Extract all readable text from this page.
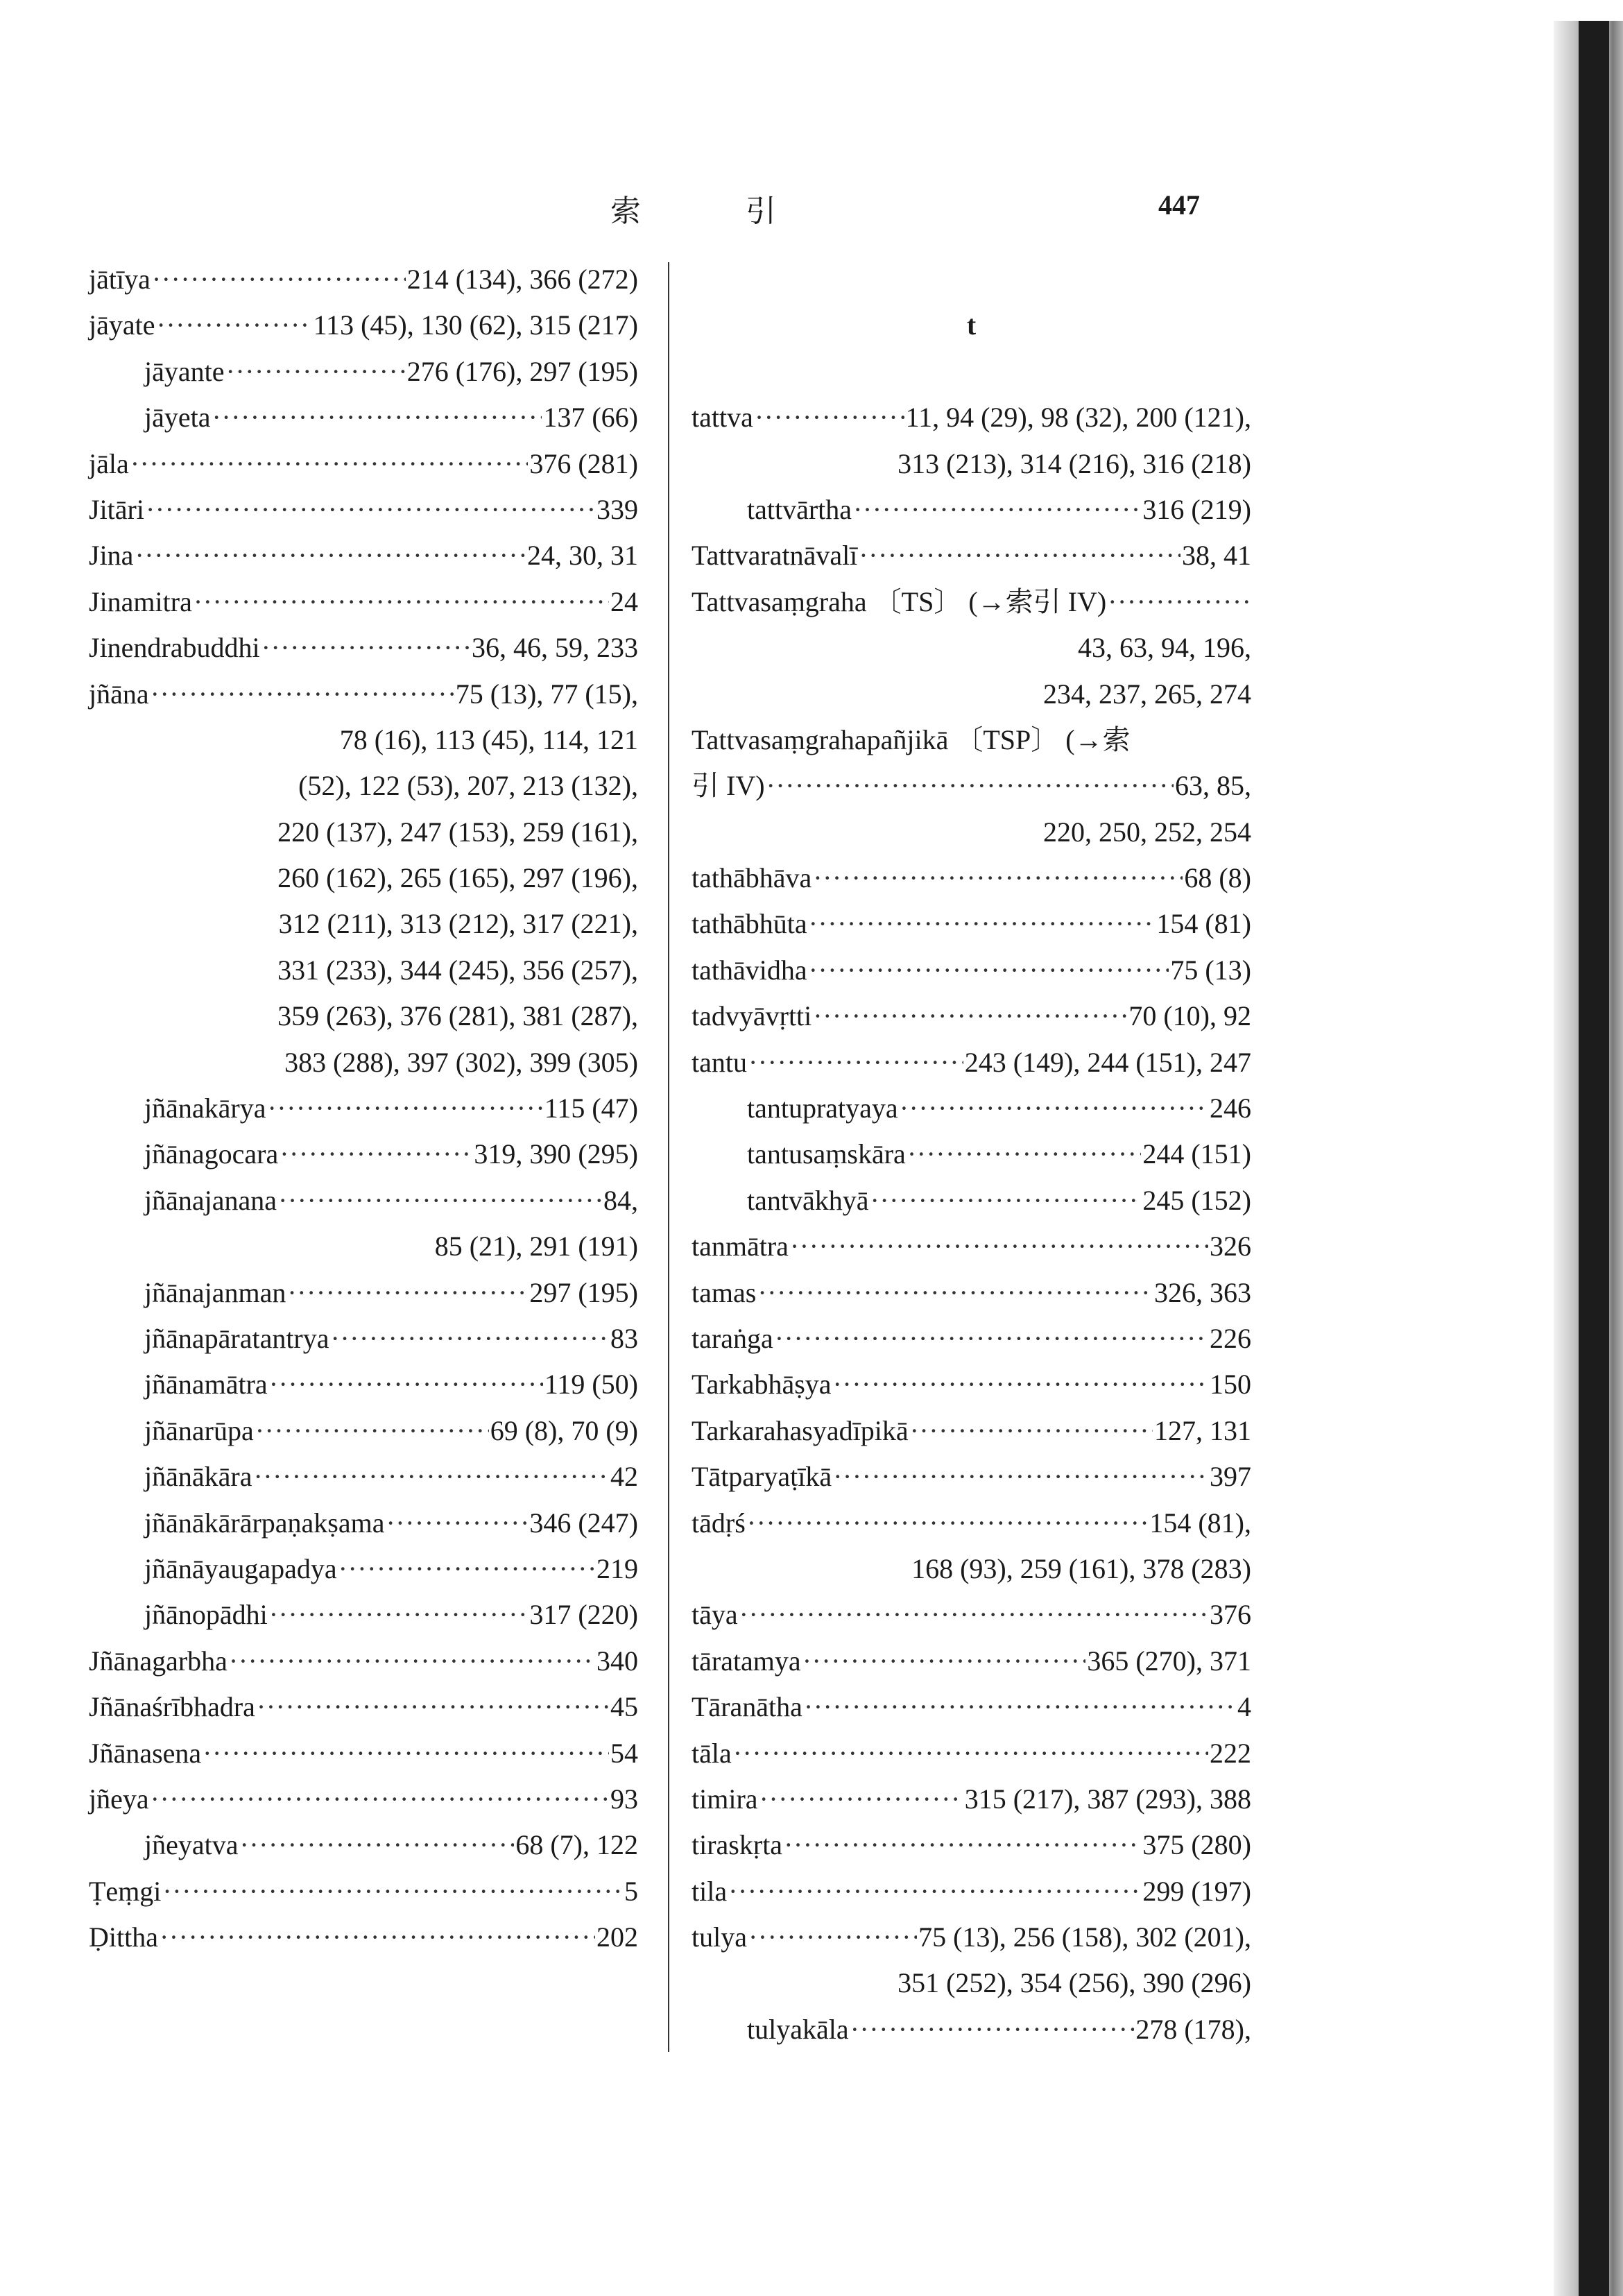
索 引	447
jātīya ·····	214 (134), 366 (272)
jāyate ·····	113 (45), 130 (62), 315 (217)
jāyante ·····	276 (176), 297 (195)
jāyeta ·····	137 (66)
jāla ·····	376 (281)
Jitāri ·····	339
Jina ·····	24, 30, 31
Jinamitra ·····	24
Jinendrabuddhi ·····	36, 46, 59, 233
jñāna ·····	75 (13), 77 (15),
78 (16), 113 (45), 114, 121
(52), 122 (53), 207, 213 (132),
220 (137), 247 (153), 259 (161),
260 (162), 265 (165), 297 (196),
312 (211), 313 (212), 317 (221),
331 (233), 344 (245), 356 (257),
359 (263), 376 (281), 381 (287),
383 (288), 397 (302), 399 (305)
jñānakārya ·····	115 (47)
jñānagocara ·····	319, 390 (295)
jñānajanana ·····	84,
85 (21), 291 (191)
jñānajanman ·····	297 (195)
jñānapāratantrya ·····	83
jñānamātra ·····	119 (50)
jñānarūpa ·····	69 (8), 70 (9)
jñānākāra ·····	42
jñānākārārpaṇakṣama ·····	346 (247)
jñānāyaugapadya ·····	219
jñānopādhi ·····	317 (220)
Jñānagarbha ·····	340
Jñānaśrībhadra ·····	45
Jñānasena ·····	54
jñeya ·····	93
jñeyatva ·····	68 (7), 122
Ṭeṃgi ·····	5
Ḍittha ·····	202
t
tattva ·····	11, 94 (29), 98 (32), 200 (121),
313 (213), 314 (216), 316 (218)
tattvārtha ·····	316 (219)
Tattvaratnāvalī ·····	38, 41
Tattvasaṃgraha 〔TS〕 (→索引 IV)
·····
43, 63, 94, 196,
234, 237, 265, 274
Tattvasaṃgrahapañjikā 〔TSP〕 (→索
引 IV) ·····	63, 85,
220, 250, 252, 254
tathābhāva ·····	68 (8)
tathābhūta ·····	154 (81)
tathāvidha ·····	75 (13)
tadvyāvṛtti ·····	70 (10), 92
tantu ·····	243 (149), 244 (151), 247
tantupratyaya ·····	246
tantusaṃskāra ·····	244 (151)
tantvākhyā ·····	245 (152)
tanmātra ·····	326
tamas ·····	326, 363
taraṅga ·····	226
Tarkabhāṣya ·····	150
Tarkarahasyadīpikā ·····	127, 131
Tātparyaṭīkā ·····	397
tādṛś ·····	154 (81),
168 (93), 259 (161), 378 (283)
tāya ·····	376
tāratamya ·····	365 (270), 371
Tāranātha ·····	4
tāla ·····	222
timira ·····	315 (217), 387 (293), 388
tiraskṛta ·····	375 (280)
tila ·····	299 (197)
tulya ·····	75 (13), 256 (158), 302 (201),
351 (252), 354 (256), 390 (296)
tulyakāla ·····	278 (178),
